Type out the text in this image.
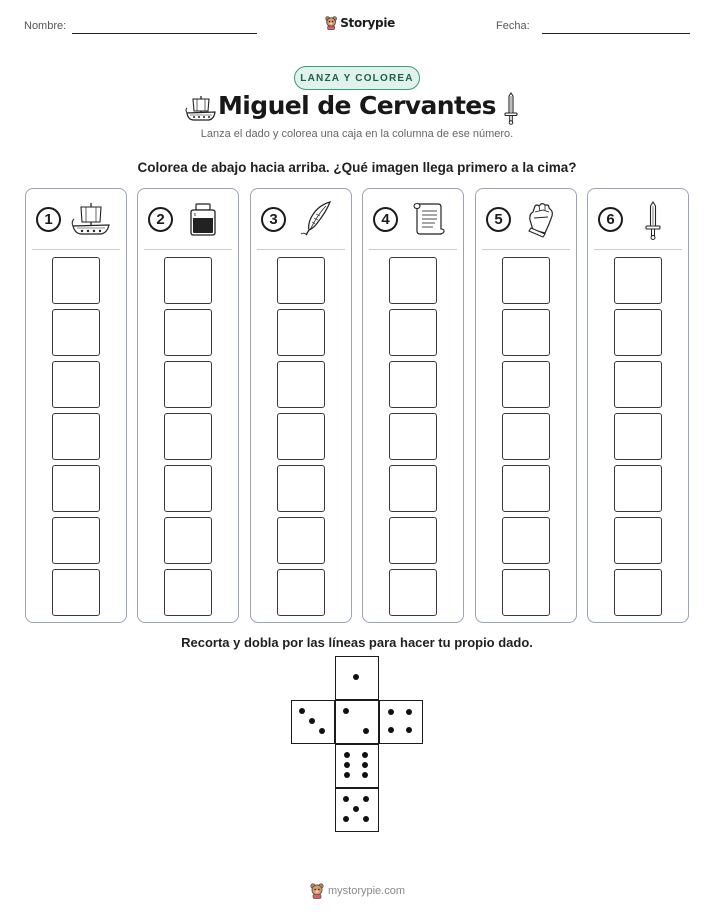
Nombre:	Storypie	Fecha:
LANZA Y COLOREA
Miguel de Cervantes
Lanza el dado y colorea una caja en la columna de ese número.
Colorea de abajo hacia arriba. ¿Qué imagen llega primero a la cima?
1	2	3	4	5	6
Recorta y dobla por las líneas para hacer tu propio dado.
mystorypie.com
